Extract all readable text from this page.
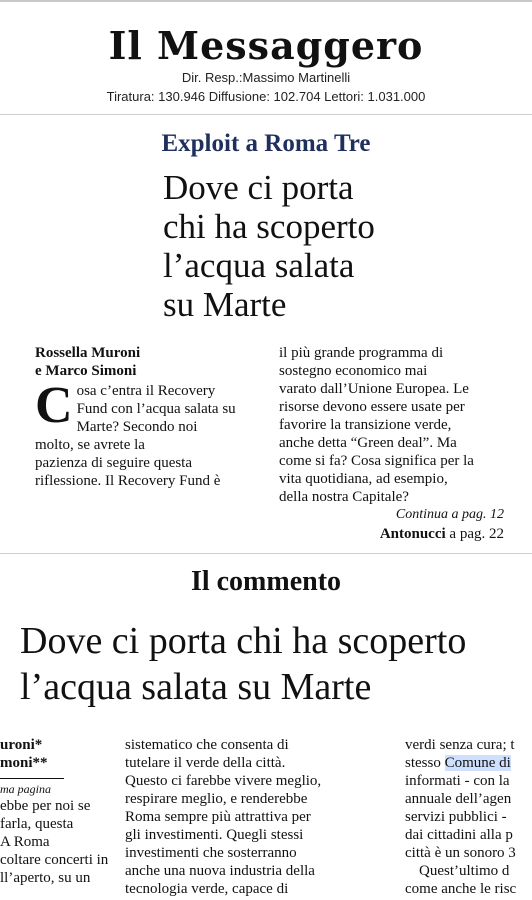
Il Messaggero
Dir. Resp.:Massimo Martinelli
Tiratura: 130.946 Diffusione: 102.704 Lettori: 1.031.000
Exploit a Roma Tre
Dove ci porta
chi ha scoperto
l’acqua salata
su Marte
Rossella Muroni
e Marco Simoni
C osa c’entra il Recovery
Fund con l’acqua salata su
Marte? Secondo noi
molto, se avrete la
pazienza di seguire questa
riflessione. Il Recovery Fund è
il più grande programma di
sostegno economico mai
varato dall’Unione Europea. Le
risorse devono essere usate per
favorire la transizione verde,
anche detta “Green deal”. Ma
come si fa? Cosa significa per la
vita quotidiana, ad esempio,
della nostra Capitale?
Continua a pag. 12
Antonucci a pag. 22
Il commento
Dove ci porta chi ha scoperto
l’acqua salata su Marte
uroni*
moni**
ma pagina
ebbe per noi se
farla, questa
A Roma
coltare concerti in
ll’aperto, su un
sistematico che consenta di
tutelare il verde della città.
Questo ci farebbe vivere meglio,
respirare meglio, e renderebbe
Roma sempre più attrattiva per
gli investimenti. Quegli stessi
investimenti che sosterranno
anche una nuova industria della
tecnologia verde, capace di
verdi senza cura; t
stesso Comune di
informati - con la
annuale dell’agen
servizi pubblici -
dai cittadini alla p
città è un sonoro 3
Quest’ultimo d
come anche le risc
